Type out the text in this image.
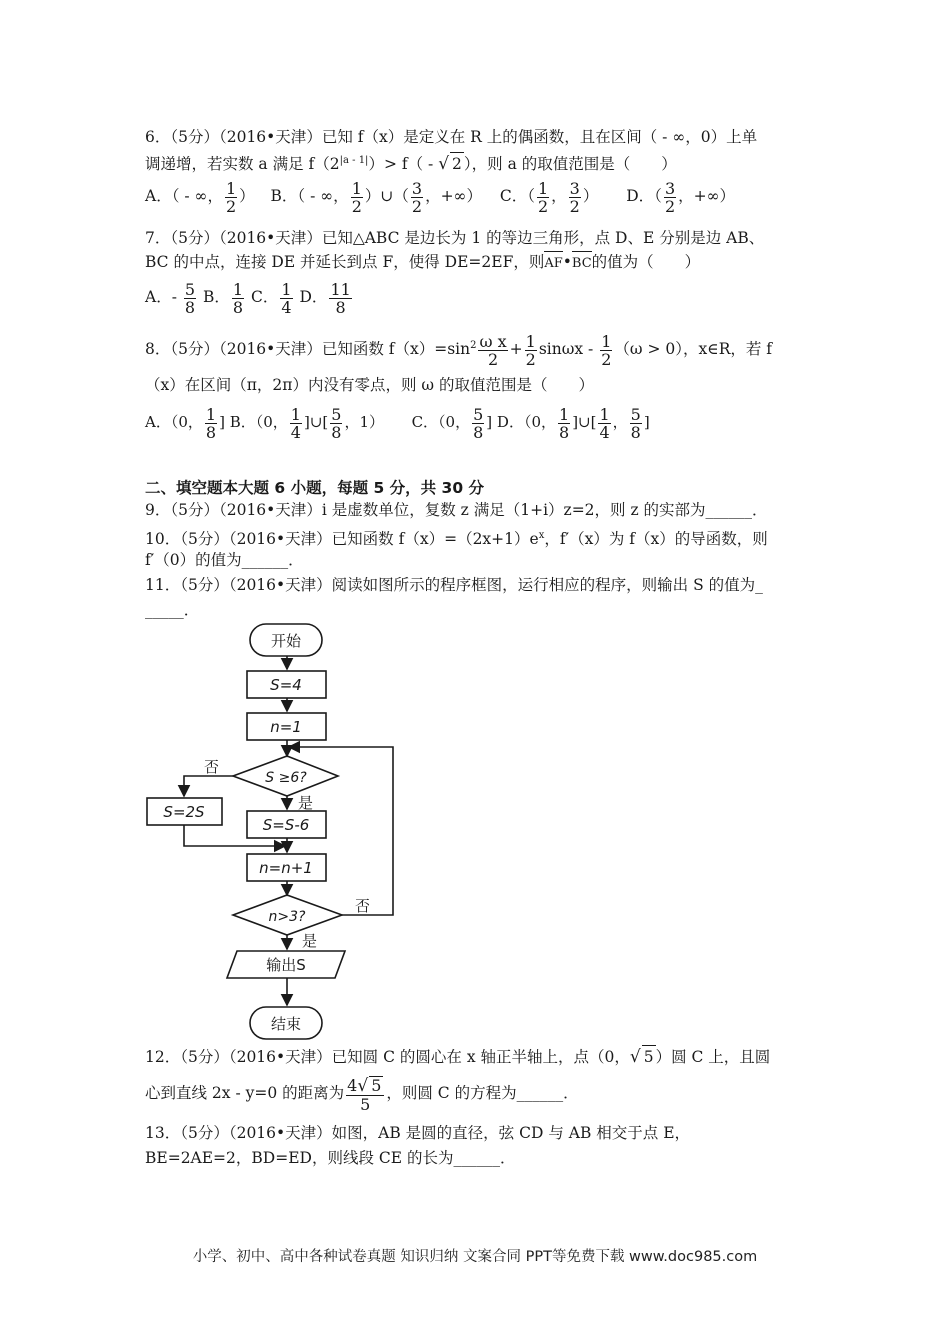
6．（5分）（2016•天津）已知 f（x）是定义在 R 上的偶函数，且在区间（ - ∞，0）上单
调递增，若实数 a 满足 $f(2^{|a - 1|})> f$（ - √ 2 ），则 a 的取值范围是（　　）
A．（ - ∞， $\frac{1}{2}$ ） B．（ - ∞， $\frac{1}{2}$ ）∪（ $\frac{3}{2}$ ，+∞） C．（ $\frac{1}{2}$ ， $\frac{3}{2}$ ） D．（ $\frac{3}{2}$ ，+∞）
7．（5分）（2016•天津）已知△ABC 是边长为 1 的等边三角形，点 D、E 分别是边 AB、
BC 的中点，连接 DE 并延长到点 F，使得 DE=2EF，则AF•BC的值为（　　）
A．- $\frac{5}{8}$ B． $\frac{1}{8}$ C． $\frac{1}{4}$ D． $\frac{11}{8}$
8．（5分）（2016•天津）已知函数 $f(x)=\sin^2 \frac{\text{ω x}}{2} + \frac{1}{2}$ $\sin\omega x - \frac{1}{2} (\omega > 0)$，x∈R，若 f
（x）在区间（π，2π）内没有零点，则 ω 的取值范围是（　　）
A．（0， $\frac{1}{8}$ ] B．（0， $\frac{1}{4}$ ]∪[ $\frac{5}{8}$ ，1） C．（0， $\frac{5}{8}$ ] D．（0， $\frac{1}{8}$ ]∪[ $\frac{1}{4}$ ， $\frac{5}{8}$ ]
二、填空题本大题 6 小题，每题 5 分，共 30 分
9．（5分）（2016•天津）i 是虚数单位，复数 z 满足（1+i）z=2，则 z 的实部为______．
10．（5分）（2016•天津）已知函数 $f(x)=(2x+1)e^x$，f′（x）为 f（x）的导函数，则
f′（0）的值为______．
11．（5分）（2016•天津）阅读如图所示的程序框图，运行相应的程序，则输出 S 的值为_
_____．
开始
S=4
n=1
S ≥6?
否
是
S=2S
S=S-6
n=n+1
n>3?
否
是
输出S
结束
12．（5分）（2016•天津）已知圆 C 的圆心在 x 轴正半轴上，点（0，√ 5 ）圆 C 上，且圆
心到直线 2x - y=0 的距离为 $\frac{4√ 5}{5}$ ，则圆 C 的方程为______．
13．（5分）（2016•天津）如图，AB 是圆的直径，弦 CD 与 AB 相交于点 E，
BE=2AE=2，BD=ED，则线段 CE 的长为______．
小学、初中、高中各种试卷真题 知识归纳 文案合同 PPT等免费下载 www.doc985.com
